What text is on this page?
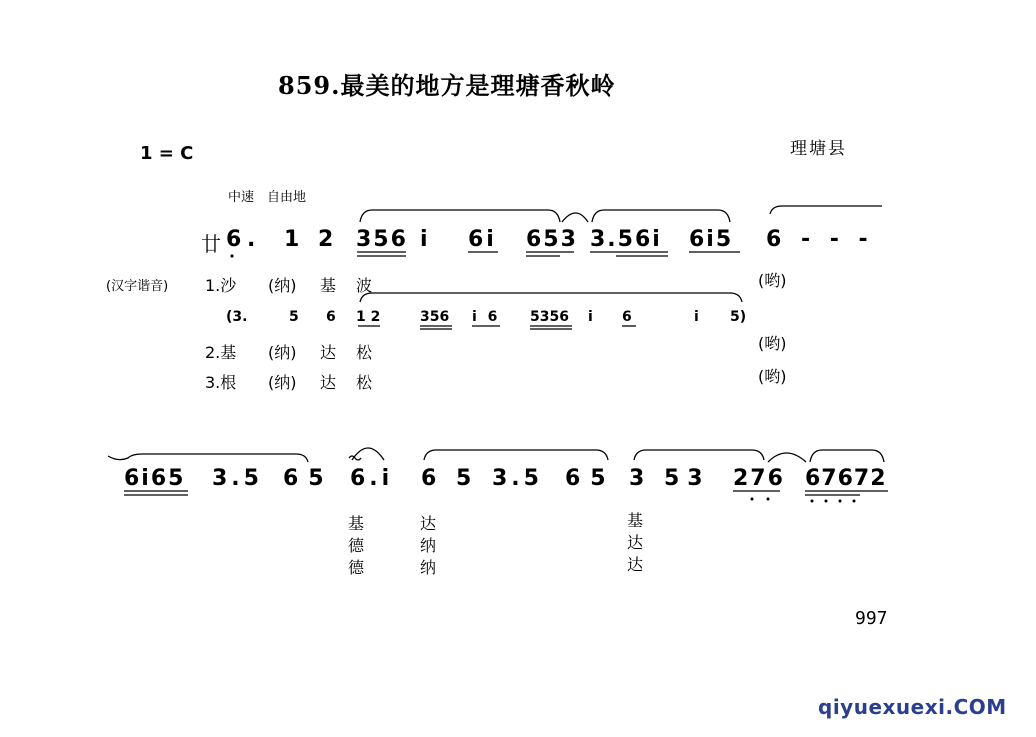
859.最美的地方是理塘香秋岭
1 = C	理塘县
中速　自由地
廿 6 . 1 2 356 i 6i 653 3.56i 6i5 6 - - -
(汉字谐音) 1.沙 (纳) 基 波	(哟)
(3.	5 6 1 2	356 i 6 5356 i 6	i 5)
2.基 (纳) 达 松	(哟)
3.根 (纳) 达 松	(哟)
6i65 3.5 65 6.i 6 5 3.5 65 3 53 276 67672
基
德
德
达
纳
纳
基
达
达
997
qiyuexuexi.COM
